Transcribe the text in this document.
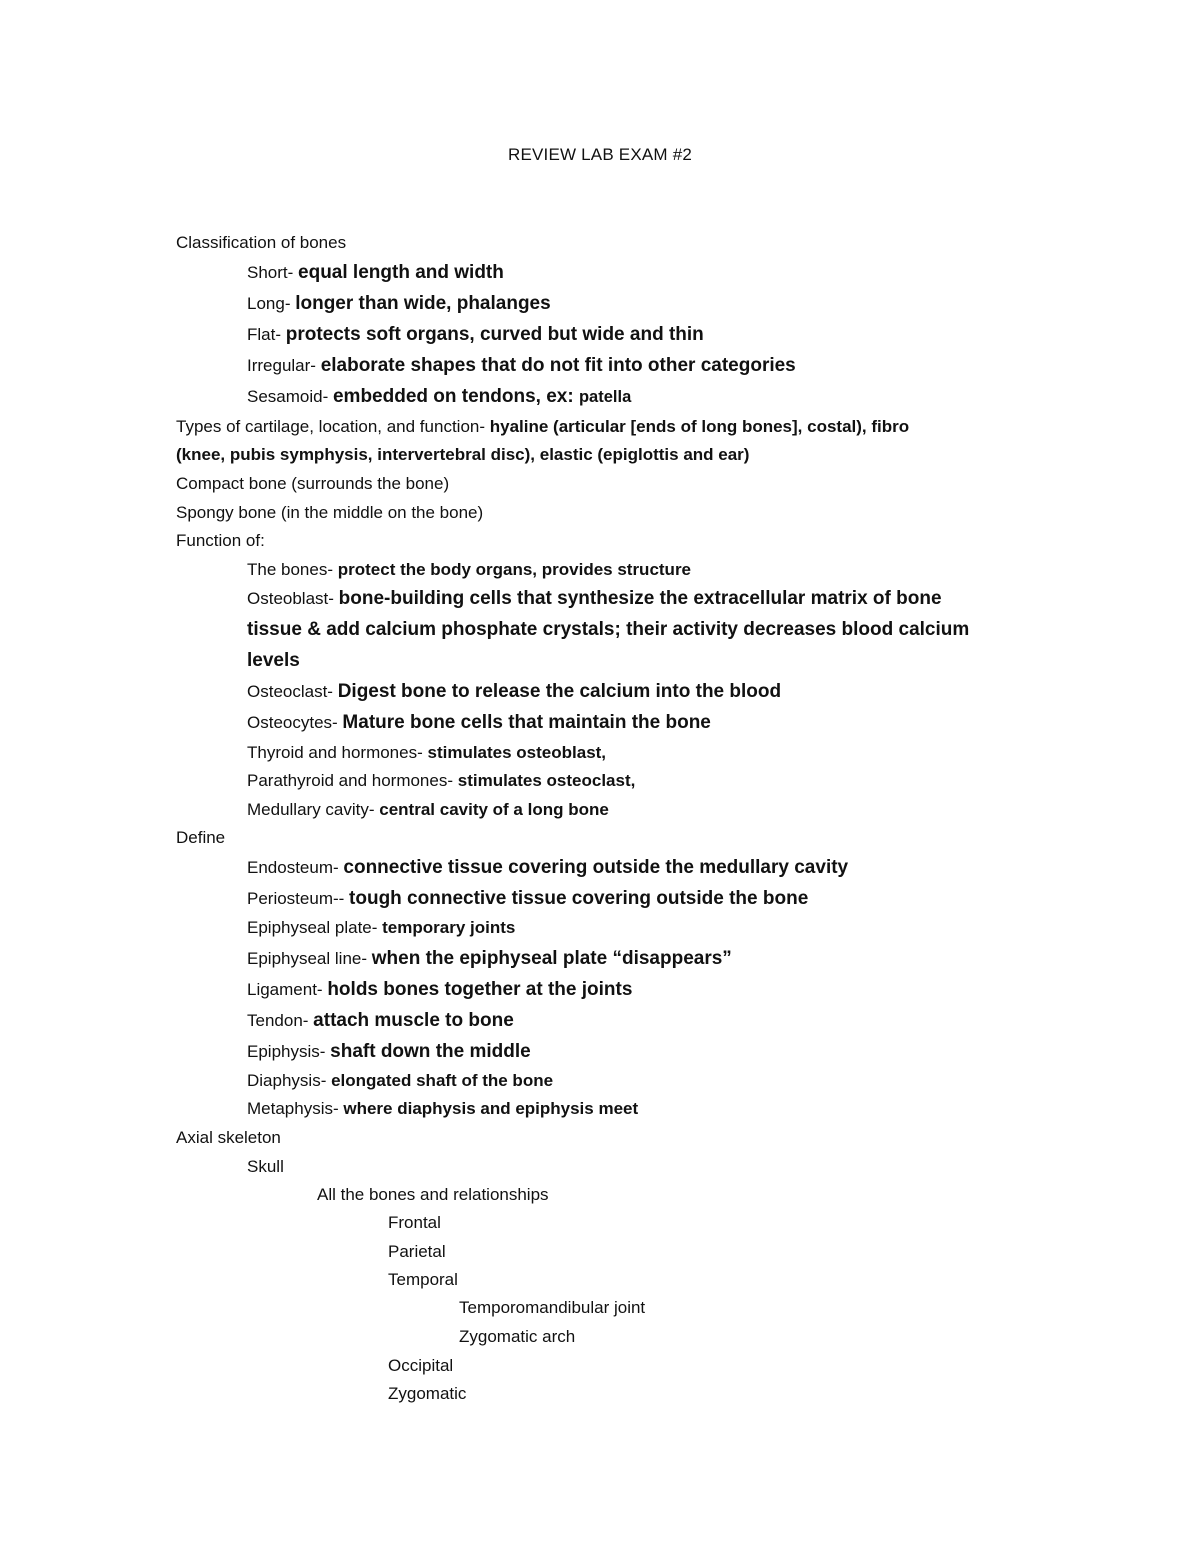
REVIEW LAB EXAM #2
Classification of bones
Short- equal length and width
Long- longer than wide, phalanges
Flat- protects soft organs, curved but wide and thin
Irregular- elaborate shapes that do not fit into other categories
Sesamoid- embedded on tendons, ex: patella
Types of cartilage, location, and function- hyaline (articular [ends of long bones], costal), fibro
(knee, pubis symphysis, intervertebral disc), elastic (epiglottis and ear)
Compact bone (surrounds the bone)
Spongy bone (in the middle on the bone)
Function of:
The bones- protect the body organs, provides structure
Osteoblast- bone-building cells that synthesize the extracellular matrix of bone
tissue & add calcium phosphate crystals; their activity decreases blood calcium
levels
Osteoclast- Digest bone to release the calcium into the blood
Osteocytes- Mature bone cells that maintain the bone
Thyroid and hormones- stimulates osteoblast,
Parathyroid and hormones- stimulates osteoclast,
Medullary cavity- central cavity of a long bone
Define
Endosteum- connective tissue covering outside the medullary cavity
Periosteum-- tough connective tissue covering outside the bone
Epiphyseal plate- temporary joints
Epiphyseal line- when the epiphyseal plate “disappears”
Ligament- holds bones together at the joints
Tendon- attach muscle to bone
Epiphysis- shaft down the middle
Diaphysis- elongated shaft of the bone
Metaphysis- where diaphysis and epiphysis meet
Axial skeleton
Skull
All the bones and relationships
Frontal
Parietal
Temporal
Temporomandibular joint
Zygomatic arch
Occipital
Zygomatic
